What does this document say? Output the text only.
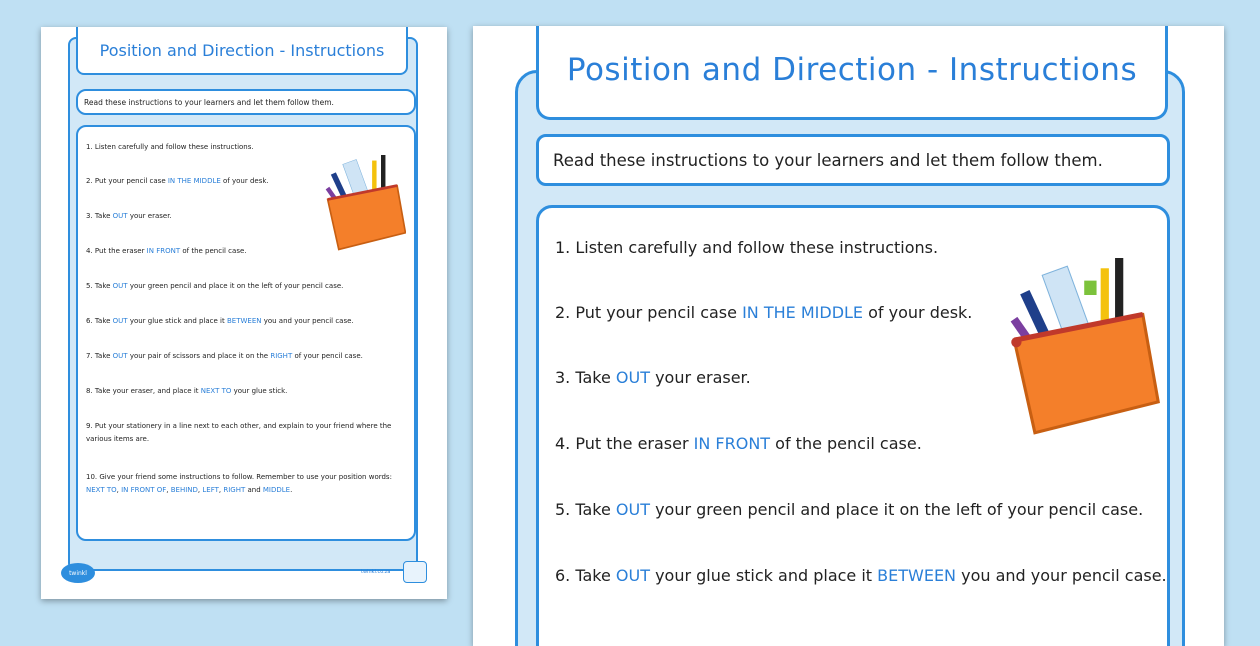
Position and Direction - Instructions
Read these instructions to your learners and let them follow them.
1. Listen carefully and follow these instructions.
2. Put your pencil case IN THE MIDDLE of your desk.
3. Take OUT your eraser.
4. Put the eraser IN FRONT of the pencil case.
5. Take OUT your green pencil and place it on the left of your pencil case.
6. Take OUT your glue stick and place it BETWEEN you and your pencil case.
7. Take OUT your pair of scissors and place it on the RIGHT of your pencil case.
8. Take your eraser, and place it NEXT TO your glue stick.
9. Put your stationery in a line next to each other, and explain to your friend where the various items are.
10. Give your friend some instructions to follow. Remember to use your position words: NEXT TO, IN FRONT OF, BEHIND, LEFT, RIGHT and MIDDLE.
twinkl	twinkl.co.za
Position and Direction - Instructions
Read these instructions to your learners and let them follow them.
1. Listen carefully and follow these instructions.
2. Put your pencil case IN THE MIDDLE of your desk.
3. Take OUT your eraser.
4. Put the eraser IN FRONT of the pencil case.
5. Take OUT your green pencil and place it on the left of your pencil case.
6. Take OUT your glue stick and place it BETWEEN you and your pencil case.
